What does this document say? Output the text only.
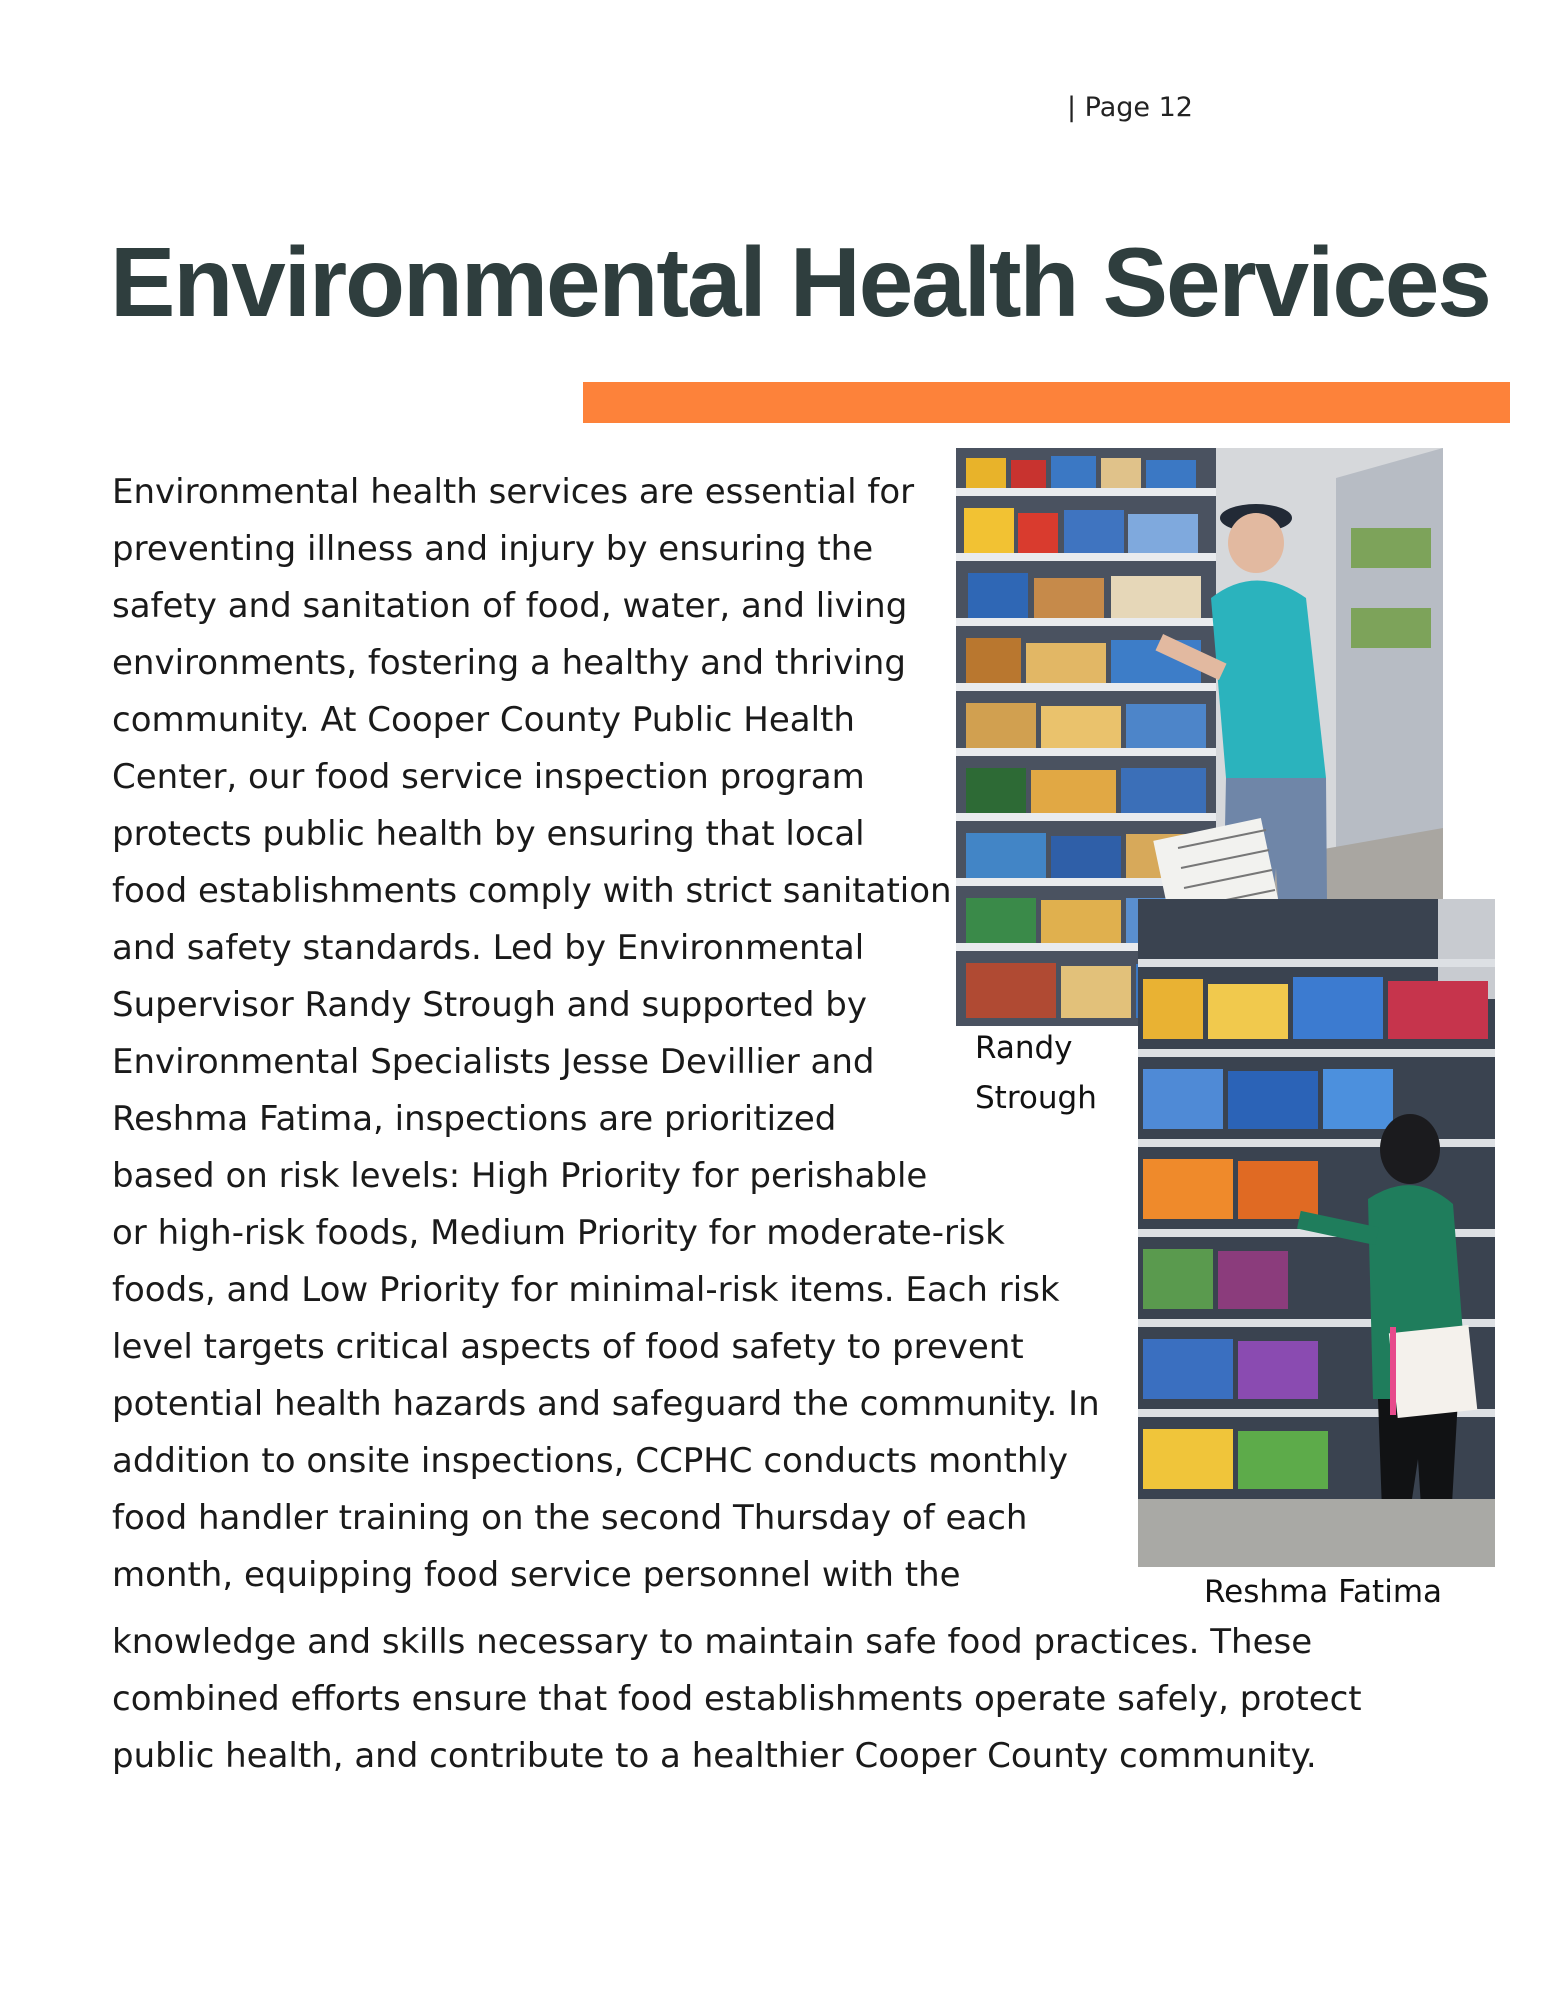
| Page 12
Environmental Health Services

Environmental health services are essential for
preventing illness and injury by ensuring the
safety and sanitation of food, water, and living
environments, fostering a healthy and thriving
community. At Cooper County Public Health
Center, our food service inspection program
protects public health by ensuring that local
food establishments comply with strict sanitation
and safety standards. Led by Environmental
Supervisor Randy Strough and supported by
Environmental Specialists Jesse Devillier and
Reshma Fatima, inspections are prioritized
based on risk levels: High Priority for perishable
or high-risk foods, Medium Priority for moderate-risk
foods, and Low Priority for minimal-risk items. Each risk
level targets critical aspects of food safety to prevent
potential health hazards and safeguard the community. In
addition to onsite inspections, CCPHC conducts monthly
food handler training on the second Thursday of each
month, equipping food service personnel with the

knowledge and skills necessary to maintain safe food practices. These
combined efforts ensure that food establishments operate safely, protect
public health, and contribute to a healthier Cooper County community.

Randy
Strough
Reshma Fatima
